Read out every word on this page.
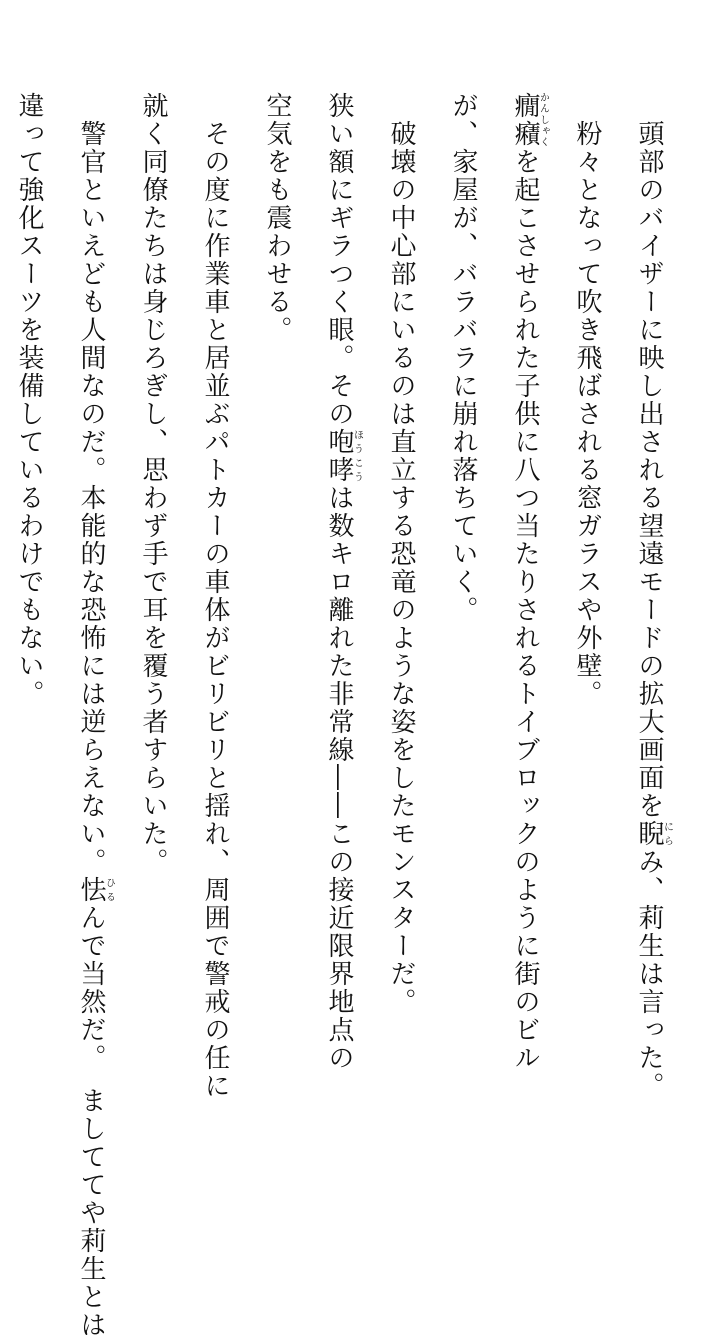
　頭部のバイザーに映し出される望遠モードの拡大画面を睨にらみ、莉生は言った。

　粉々となって吹き飛ばされる窓ガラスや外壁。

癇癪かんしゃくを起こさせられた子供に八つ当たりされるトイブロックのように街のビル

が、家屋が、バラバラに崩れ落ちていく。

　破壊の中心部にいるのは直立する恐竜のような姿をしたモンスターだ。

狭い額にギラつく眼。その咆哮ほうこうは数キロ離れた非常線――この接近限界地点の

空気をも震わせる。

　その度に作業車と居並ぶパトカーの車体がビリビリと揺れ、周囲で警戒の任に

就く同僚たちは身じろぎし、思わず手で耳を覆う者すらいた。

　警官といえども人間なのだ。本能的な恐怖には逆らえない。怯ひるんで当然だ。　ましててや莉生とは

違って強化スーツを装備しているわけでもない。
